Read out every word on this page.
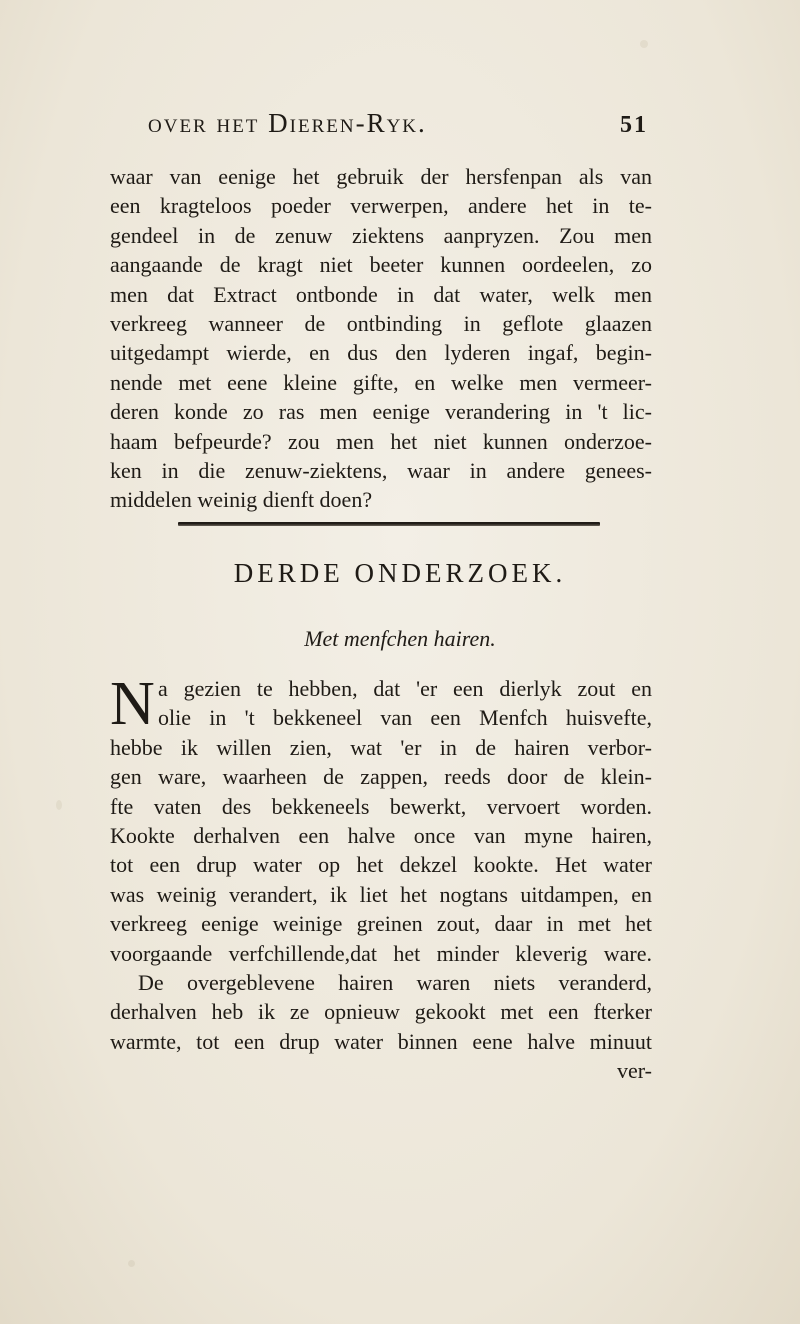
over het Dieren-Ryk.	51
waar van eenige het gebruik der hersfenpan als van
een kragteloos poeder verwerpen, andere het in te-
gendeel in de zenuw ziektens aanpryzen. Zou men
aangaande de kragt niet beeter kunnen oordeelen, zo
men dat Extract ontbonde in dat water, welk men
verkreeg wanneer de ontbinding in geflote glaazen
uitgedampt wierde, en dus den lyderen ingaf, begin-
nende met eene kleine gifte, en welke men vermeer-
deren konde zo ras men eenige verandering in 't lic-
haam befpeurde? zou men het niet kunnen onderzoe-
ken in die zenuw-ziektens, waar in andere genees-
middelen weinig dienft doen?
DERDE ONDERZOEK.
Met menfchen hairen.
N a gezien te hebben, dat 'er een dierlyk zout en
olie in 't bekkeneel van een Menfch huisvefte,
hebbe ik willen zien, wat 'er in de hairen verbor-
gen ware, waarheen de zappen, reeds door de klein-
fte vaten des bekkeneels bewerkt, vervoert worden.
Kookte derhalven een halve once van myne hairen,
tot een drup water op het dekzel kookte. Het water
was weinig verandert, ik liet het nogtans uitdampen, en
verkreeg eenige weinige greinen zout, daar in met het
voorgaande verfchillende,dat het minder kleverig ware.
De overgeblevene hairen waren niets veranderd,
derhalven heb ik ze opnieuw gekookt met een fterker
warmte, tot een drup water binnen eene halve minuut
ver-
